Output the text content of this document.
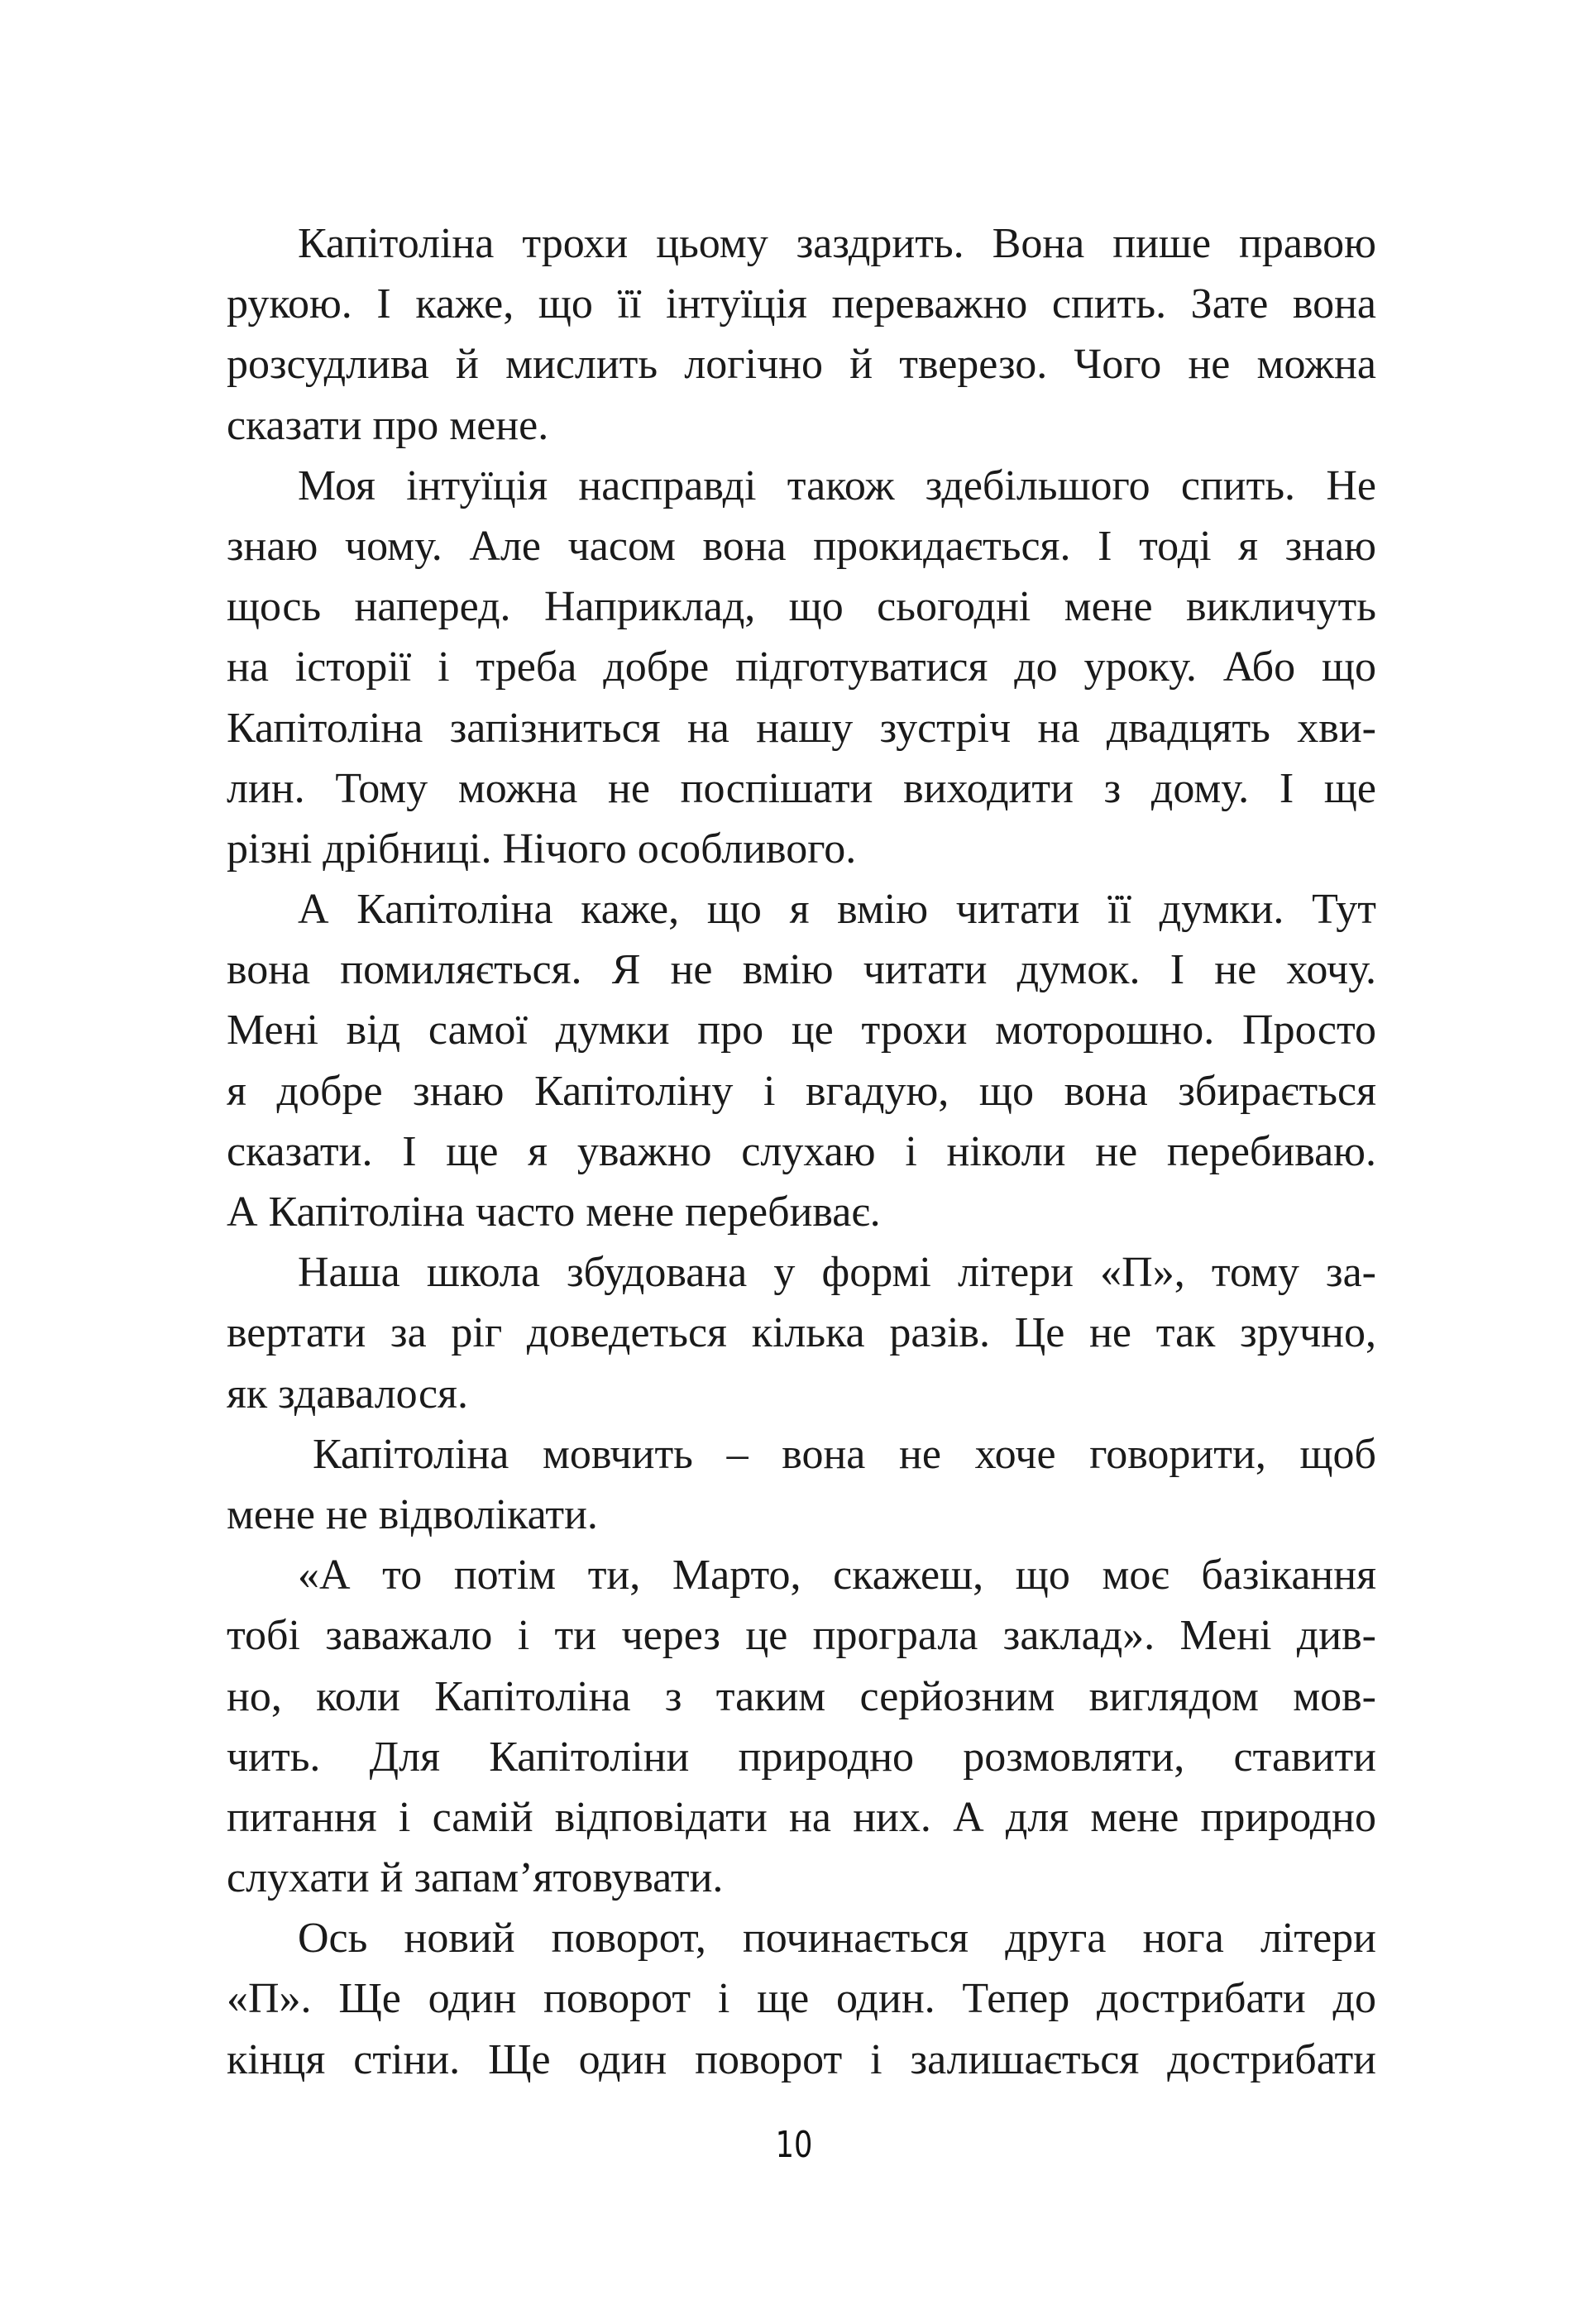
Капітоліна трохи цьому заздрить. Вона пише правою
рукою. І каже, що її інтуїція переважно спить. Зате вона
розсудлива й мислить логічно й тверезо. Чого не можна
сказати про мене.
Моя інтуїція насправді також здебільшого спить. Не
знаю чому. Але часом вона прокидається. І тоді я знаю
щось наперед. Наприклад, що сьогодні мене викличуть
на історії і треба добре підготуватися до уроку. Або що
Капітоліна запізниться на нашу зустріч на двадцять хви-
лин. Тому можна не поспішати виходити з дому. І ще
різні дрібниці. Нічого особливого.
А Капітоліна каже, що я вмію читати її думки. Тут
вона помиляється. Я не вмію читати думок. І не хочу.
Мені від самої думки про це трохи моторошно. Просто
я добре знаю Капітоліну і вгадую, що вона збирається
сказати. І ще я уважно слухаю і ніколи не перебиваю.
А Капітоліна часто мене перебиває.
Наша школа збудована у формі літери «П», тому за-
вертати за ріг доведеться кілька разів. Це не так зручно,
як здавалося.
Капітоліна мовчить – вона не хоче говорити, щоб
мене не відволікати.
«А то потім ти, Марто, скажеш, що моє базікання
тобі заважало і ти через це програла заклад». Мені див-
но, коли Капітоліна з таким серйозним виглядом мов-
чить. Для Капітоліни природно розмовляти, ставити
питання і самій відповідати на них. А для мене природно
слухати й запам’ятовувати.
Ось новий поворот, починається друга нога літери
«П». Ще один поворот і ще один. Тепер дострибати до
кінця стіни. Ще один поворот і залишається дострибати
10
